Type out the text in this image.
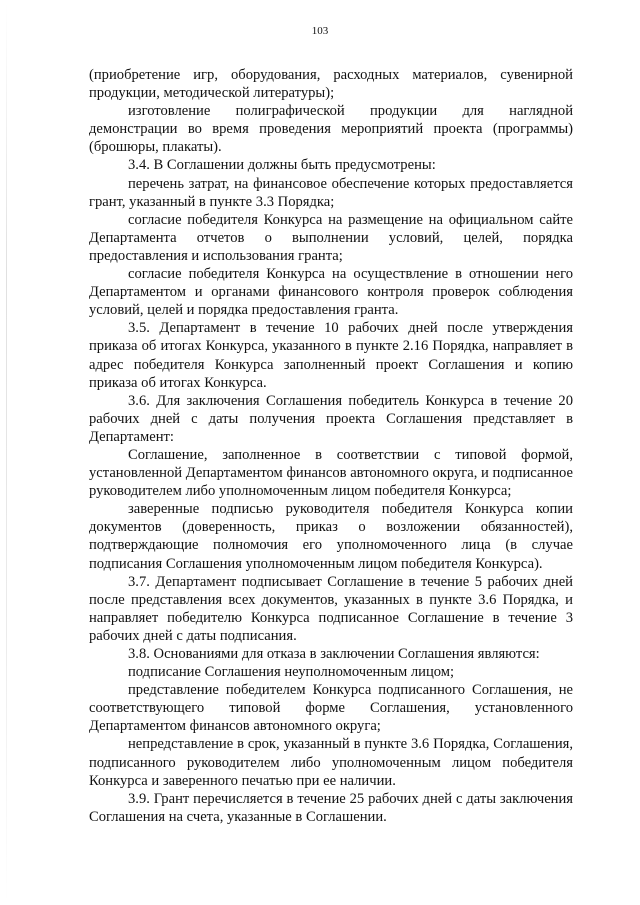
103

(приобретение игр, оборудования, расходных материалов, сувенирной продукции, методической литературы);

изготовление полиграфической продукции для наглядной демонстрации во время проведения мероприятий проекта (программы) (брошюры, плакаты).

3.4. В Соглашении должны быть предусмотрены:

перечень затрат, на финансовое обеспечение которых предоставляется грант, указанный в пункте 3.3 Порядка;

согласие победителя Конкурса на размещение на официальном сайте Департамента отчетов о выполнении условий, целей, порядка предоставления и использования гранта;

согласие победителя Конкурса на осуществление в отношении него Департаментом и органами финансового контроля проверок соблюдения условий, целей и порядка предоставления гранта.

3.5. Департамент в течение 10 рабочих дней после утверждения приказа об итогах Конкурса, указанного в пункте 2.16 Порядка, направляет в адрес победителя Конкурса заполненный проект Соглашения и копию приказа об итогах Конкурса.

3.6. Для заключения Соглашения победитель Конкурса в течение 20 рабочих дней с даты получения проекта Соглашения представляет в Департамент:

Соглашение, заполненное в соответствии с типовой формой, установленной Департаментом финансов автономного округа, и подписанное руководителем либо уполномоченным лицом победителя Конкурса;

заверенные подписью руководителя победителя Конкурса копии документов (доверенность, приказ о возложении обязанностей), подтверждающие полномочия его уполномоченного лица (в случае подписания Соглашения уполномоченным лицом победителя Конкурса).

3.7. Департамент подписывает Соглашение в течение 5 рабочих дней после представления всех документов, указанных в пункте 3.6 Порядка, и направляет победителю Конкурса подписанное Соглашение в течение 3 рабочих дней с даты подписания.

3.8. Основаниями для отказа в заключении Соглашения являются:

подписание Соглашения неуполномоченным лицом;

представление победителем Конкурса подписанного Соглашения, не соответствующего типовой форме Соглашения, установленного Департаментом финансов автономного округа;

непредставление в срок, указанный в пункте 3.6 Порядка, Соглашения, подписанного руководителем либо уполномоченным лицом победителя Конкурса и заверенного печатью при ее наличии.

3.9. Грант перечисляется в течение 25 рабочих дней с даты заключения Соглашения на счета, указанные в Соглашении.
